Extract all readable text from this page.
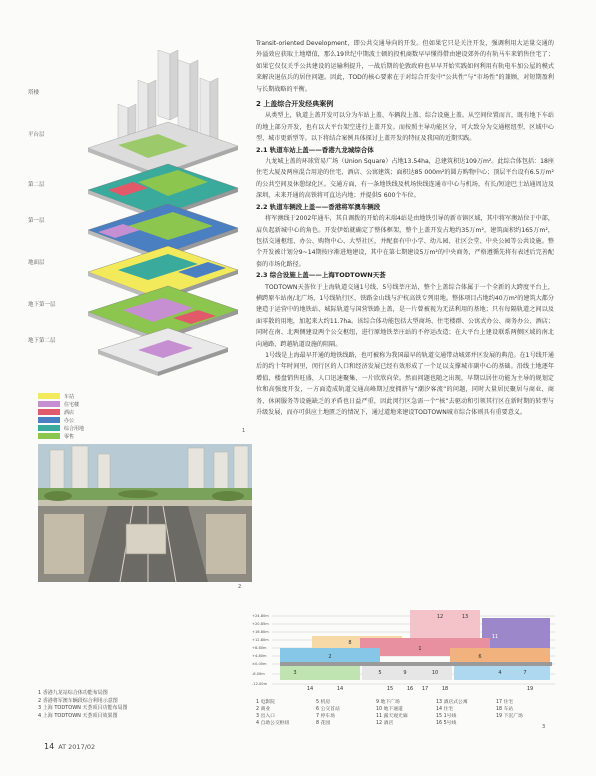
塔楼
平台层
第二层
第一层
地面层
地下第一层
地下第二层
车站
住宅楼
酒店
办公
综合用地
零售
1
2
1 香港九龙站综合体功能布局图
2 香港将军澳车辆段综合利用示意图
3 上海 TODTOWN 天荟项目功能布局图
4 上海 TODTOWN 天荟项目效果图
14 AT 2017/02

Transit-oriented Development，即公共交通导向的开发。但如果它只是关注开发，强调利用大运量交通的外溢效应获取土地增值，那么19世纪中期波士顿的投机商数早早懂得借由建设郊外的有轨马车来销售住宅了；如果它仅仅关乎公共建设的运输利提升，一战后期的伦敦政府也早早开始实践如何利用有轨电车加公屋的模式来解决退伍兵的居住问题。因此，TOD的核心要素在于对综合开发中“公共性”与“市场性”的兼顾，对短期盈利与长期战略的平衡。

2 上盖综合开发经典案例

从类型上，轨道上盖开发可以分为车站上盖、车辆段上盖、综合设施上盖。从空间位置而言，既有地下车站的地上部分开发，也有以大平台架空进行上盖开发。而按照主导功能区分，可大致分为交通枢纽型、区域中心型、城市更新型等。以下将结合案例具体探讨上盖开发的特征及我国的近期实践。

2.1 轨道车站上盖——香港九龙城综合体

九龙城上盖的环球贸易广场（Union Square）占地13.54ha，总建筑积达109万m²。此综合体包括：18座住宅大厦及两座混合用途的住宅、酒店、公寓建筑；面积达85 000m²的圆方购物中心；顶层平台设有6.5万m²的公共空间及休憩绿化区。交通方面，有一条地铁线及机场快线连通市中心与机场，有长/短途巴士站通周边及深圳，未来开通的高铁将可直达内地；并提供5 600个车位。

2.2 轨道车辆段上盖——香港将军澳车辆段

将军澳线于2002年通车，其自调拨的开始的末端4站是由地铁引导的新市镇区域，其中将军澳站位于中部，肩负起新城中心的角色。开发伊始就确定了整体框架，整个上盖开发占地约35万m²，建筑面积约165万m²，包括交通枢纽、办公、购物中心、大型社区，并配套有中小学、幼儿园、社区会堂、中央公园等公共设施。整个开发被计划分9~14期按序渐进地建设，其中在第七期建设5万m²的中央商务，严格遵循先将有表述后完善配套的市场化路径。

2.3 综合设施上盖——上海TODTOWN天荟

TODTOWN天荟位于上海轨道交通1号线、5号线莘庄站，整个上盖综合体属于一个全新的大跨度平台上，横跨原车站南/北广场，1号线轨行区、铁路金山线与沪杭高铁专列用地。整体项目占地约40万m²的建筑大都分建造于运营中的地铁站、城际轨道与国营铁路上盖，是一片曾被视为无法利用的基地；只有每隔轨道之间以及面零散的用地，加起来大约11.7ha。该综合体功能包括大型商场、住宅楼群、公寓式办公、商务办公、酒店；同时在南、北两侧建设两个公交枢纽，进行原地铁莘庄站的不停运改造；在大平台上建设联系两侧区域的南北向通路，跨越轨道设施的阻隔。

1号线是上海最早开通的地铁线路，也可被称为我国最早的轨道交通带动城郊并区发展的典范。在1号线开通后的约十年时间里，闵行区的人口和经济发展已经有效形成了一个足以支撑城市副中心的基础。沿线土地逐年增值、楼盘销售旺盛，人口迅速聚集、一片欣欣向荣。然而问题也随之出现，早期以居住功能为主导的规划定位和高强度开发，一方面造成轨道交通高峰期过度拥挤与“潮汐客流”的问题，同时大量居民聚居与商业、商务、休闲服务等设施缺乏的矛盾也日益严重，因此闵行区急需一个“核”去驱动和引领其行区在新时期的转型与升级发展，而亦可供应土地匮乏的情况下，通过道地来建设TODTOWN城市综合体则具有重要意义。

+24.80m
+20.85m
+16.80m
+12.80m
+8.80m
+4.80m
±0.00m
-6.00m
-12.00m
11
12	13
14	15	16 17	18	19
14
2
3	4
6
7
1
5
8
9	10
1 电影院	5 机房	9 地下广场	13 酒店式公寓	17 住宅
2 商业	6 公交首站	10 地下通道	14 住宅	18 车站
3 出入口	7 停车场	11 露天观光廊	15 1号线	19 下沉广场
4 自助公交枢纽	8 花园	12 酒店	16 5号线
3
